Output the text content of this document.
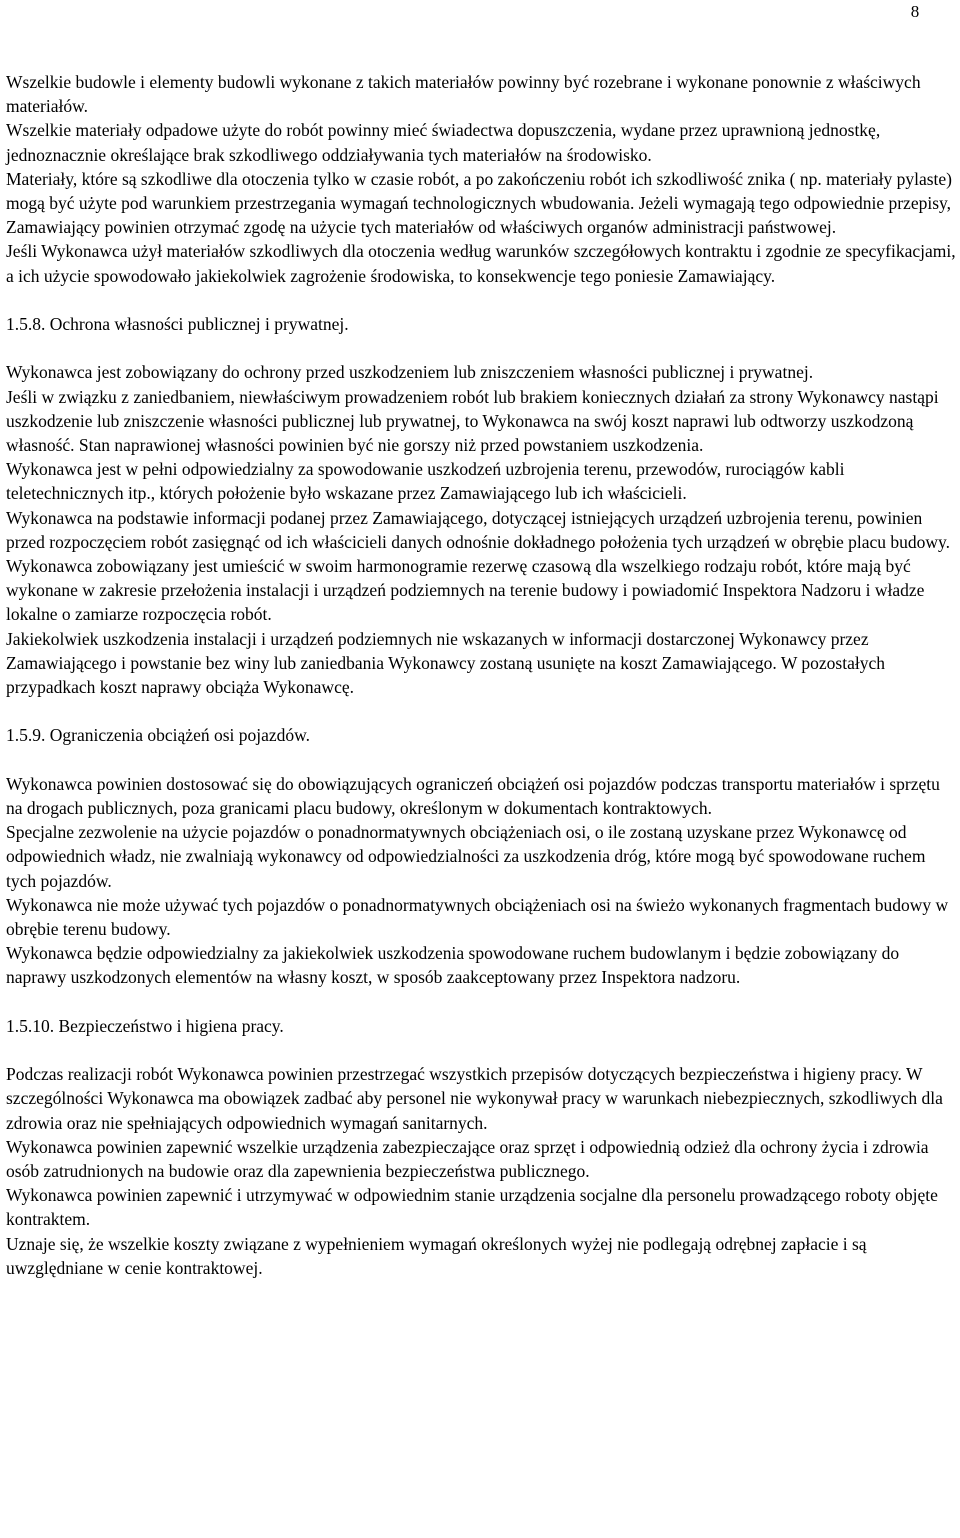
8

Wszelkie budowle i elementy budowli wykonane z takich materiałów powinny być rozebrane i wykonane ponownie z właściwych materiałów.

Wszelkie materiały odpadowe użyte do robót powinny mieć świadectwa dopuszczenia, wydane przez uprawnioną jednostkę, jednoznacznie określające brak szkodliwego oddziaływania tych materiałów na środowisko.

Materiały, które są szkodliwe dla otoczenia tylko w czasie robót, a po zakończeniu robót ich szkodliwość znika ( np. materiały pylaste) mogą być użyte pod warunkiem przestrzegania wymagań technologicznych wbudowania. Jeżeli wymagają tego odpowiednie przepisy, Zamawiający powinien otrzymać zgodę na użycie tych materiałów od właściwych organów administracji państwowej.

Jeśli Wykonawca użył materiałów szkodliwych dla otoczenia według warunków szczegółowych kontraktu i zgodnie ze specyfikacjami, a ich użycie spowodowało jakiekolwiek zagrożenie środowiska, to konsekwencje tego poniesie Zamawiający.

1.5.8. Ochrona własności publicznej i prywatnej.

Wykonawca jest zobowiązany do ochrony przed uszkodzeniem lub zniszczeniem własności publicznej i prywatnej.

Jeśli w związku z zaniedbaniem, niewłaściwym prowadzeniem robót lub brakiem koniecznych działań za strony Wykonawcy nastąpi uszkodzenie lub zniszczenie własności publicznej lub prywatnej, to Wykonawca na swój koszt naprawi lub odtworzy uszkodzoną własność. Stan naprawionej własności powinien być nie gorszy niż przed powstaniem uszkodzenia.

Wykonawca jest w pełni odpowiedzialny za spowodowanie uszkodzeń uzbrojenia terenu, przewodów, rurociągów kabli teletechnicznych itp., których położenie było wskazane przez Zamawiającego lub ich właścicieli.

Wykonawca na podstawie informacji podanej przez Zamawiającego, dotyczącej istniejących urządzeń uzbrojenia terenu, powinien przed rozpoczęciem robót zasięgnąć od ich właścicieli danych odnośnie dokładnego położenia tych urządzeń w obrębie placu budowy.

Wykonawca zobowiązany jest umieścić w swoim harmonogramie rezerwę czasową dla wszelkiego rodzaju robót, które mają być wykonane w zakresie przełożenia instalacji i urządzeń podziemnych na terenie budowy i powiadomić Inspektora Nadzoru i władze lokalne o zamiarze rozpoczęcia robót.

Jakiekolwiek uszkodzenia instalacji i urządzeń podziemnych nie wskazanych w informacji dostarczonej Wykonawcy przez Zamawiającego i powstanie bez winy lub zaniedbania Wykonawcy zostaną usunięte na koszt Zamawiającego. W pozostałych przypadkach koszt naprawy obciąża Wykonawcę.

1.5.9. Ograniczenia obciążeń osi pojazdów.

Wykonawca powinien dostosować się do obowiązujących ograniczeń obciążeń osi pojazdów podczas transportu materiałów i sprzętu na drogach publicznych, poza granicami placu budowy, określonym w dokumentach kontraktowych.

Specjalne zezwolenie na użycie pojazdów o ponadnormatywnych obciążeniach osi, o ile zostaną uzyskane przez Wykonawcę od odpowiednich władz, nie zwalniają wykonawcy od odpowiedzialności za uszkodzenia dróg, które mogą być spowodowane ruchem tych pojazdów.

Wykonawca nie może używać tych pojazdów o ponadnormatywnych obciążeniach osi na świeżo wykonanych fragmentach budowy w obrębie terenu budowy.

Wykonawca będzie odpowiedzialny za jakiekolwiek uszkodzenia spowodowane ruchem budowlanym i będzie zobowiązany do naprawy uszkodzonych elementów na własny koszt, w sposób zaakceptowany przez Inspektora nadzoru.

1.5.10. Bezpieczeństwo i higiena pracy.

Podczas realizacji robót Wykonawca powinien przestrzegać wszystkich przepisów dotyczących bezpieczeństwa i higieny pracy. W szczególności Wykonawca ma obowiązek zadbać aby personel nie wykonywał pracy w warunkach niebezpiecznych, szkodliwych dla zdrowia oraz nie spełniających odpowiednich wymagań sanitarnych.

Wykonawca powinien zapewnić wszelkie urządzenia zabezpieczające oraz sprzęt i odpowiednią odzież dla ochrony życia i zdrowia osób zatrudnionych na budowie oraz dla zapewnienia bezpieczeństwa publicznego.

Wykonawca powinien zapewnić i utrzymywać w odpowiednim stanie urządzenia socjalne dla personelu prowadzącego roboty objęte kontraktem.

Uznaje się, że wszelkie koszty związane z wypełnieniem wymagań określonych wyżej nie podlegają odrębnej zapłacie i są uwzględniane w cenie kontraktowej.
